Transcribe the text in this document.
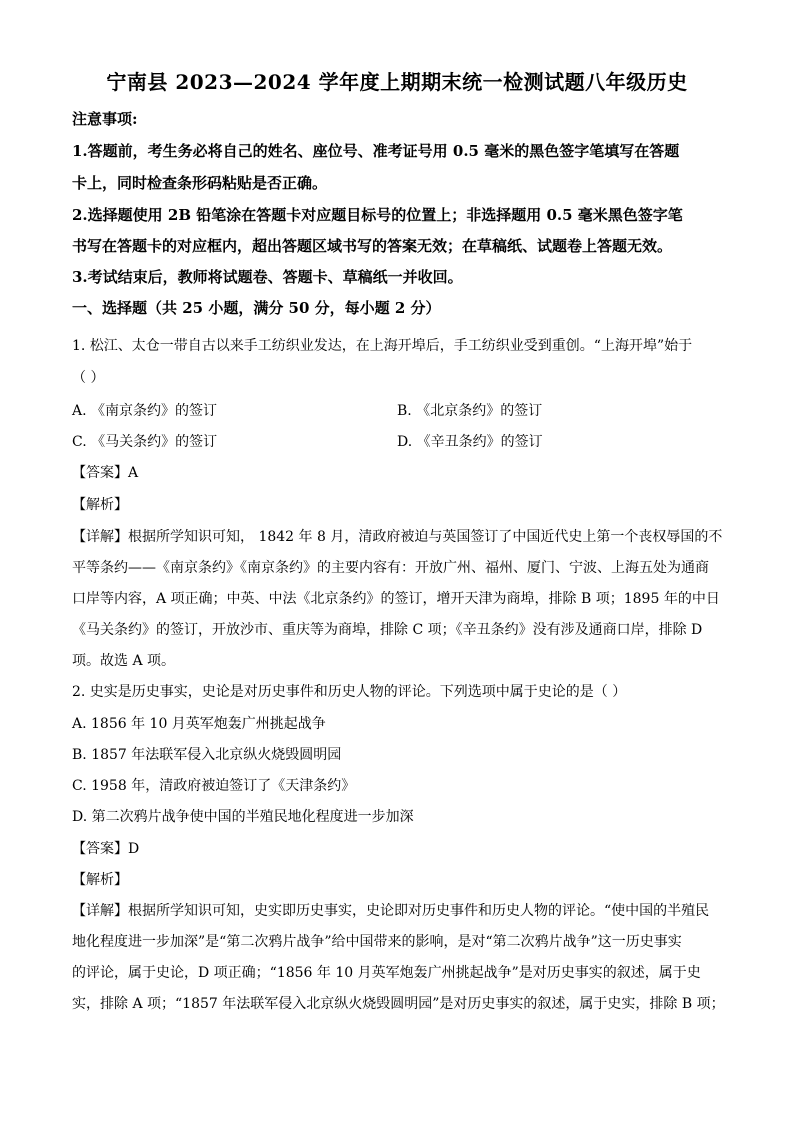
宁南县 2023—2024 学年度上期期末统一检测试题八年级历史
注意事项:
1.答题前，考生务必将自己的姓名、座位号、准考证号用 0.5 毫米的黑色签字笔填写在答题
卡上，同时检查条形码粘贴是否正确。
2.选择题使用 2B 铅笔涂在答题卡对应题目标号的位置上；非选择题用 0.5 毫米黑色签字笔
书写在答题卡的对应框内，超出答题区域书写的答案无效；在草稿纸、试题卷上答题无效。
3.考试结束后，教师将试题卷、答题卡、草稿纸一并收回。
一、选择题（共 25 小题，满分 50 分，每小题 2 分）
1. 松江、太仓一带自古以来手工纺织业发达，在上海开埠后，手工纺织业受到重创。“上海开埠”始于
（ ）
A. 《南京条约》的签订	B. 《北京条约》的签订
C. 《马关条约》的签订	D. 《辛丑条约》的签订
【答案】A
【解析】
【详解】根据所学知识可知， 1842 年 8 月，清政府被迫与英国签订了中国近代史上第一个丧权辱国的不
平等条约——《南京条约》《南京条约》的主要内容有：开放广州、福州、厦门、宁波、上海五处为通商
口岸等内容，A 项正确；中英、中法《北京条约》的签订，增开天津为商埠，排除 B 项；1895 年的中日
《马关条约》的签订，开放沙市、重庆等为商埠，排除 C 项；《辛丑条约》没有涉及通商口岸，排除 D
项。故选 A 项。
2. 史实是历史事实，史论是对历史事件和历史人物的评论。下列选项中属于史论的是（ ）
A. 1856 年 10 月英军炮轰广州挑起战争
B. 1857 年法联军侵入北京纵火烧毁圆明园
C. 1958 年，清政府被迫签订了《天津条约》
D. 第二次鸦片战争使中国的半殖民地化程度进一步加深
【答案】D
【解析】
【详解】根据所学知识可知，史实即历史事实，史论即对历史事件和历史人物的评论。“使中国的半殖民
地化程度进一步加深”是“第二次鸦片战争”给中国带来的影响，是对“第二次鸦片战争”这一历史事实
的评论，属于史论，D 项正确；“1856 年 10 月英军炮轰广州挑起战争”是对历史事实的叙述，属于史
实，排除 A 项；“1857 年法联军侵入北京纵火烧毁圆明园”是对历史事实的叙述，属于史实，排除 B 项；
